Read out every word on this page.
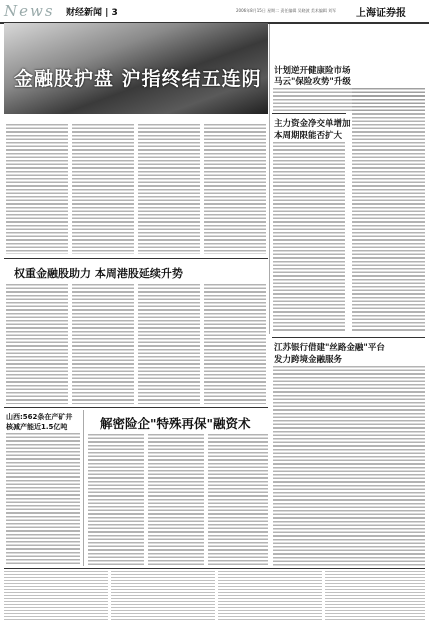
News 财经新闻 | 3	2006年8月15日 星期二 责任编辑 吴晓波 美术编辑 刘军 上海证券报
金融股护盘 沪指终结五连阴
权重金融股助力 本周港股延续升势
计划逆开健康险市场
马云"保险攻势"升级
主力资金净交单增加
本周期限能否扩大
江苏银行借建"丝路金融"平台
发力跨境金融服务
山西:562条在产矿井
核减产能近1.5亿吨	解密险企"特殊再保"融资术
